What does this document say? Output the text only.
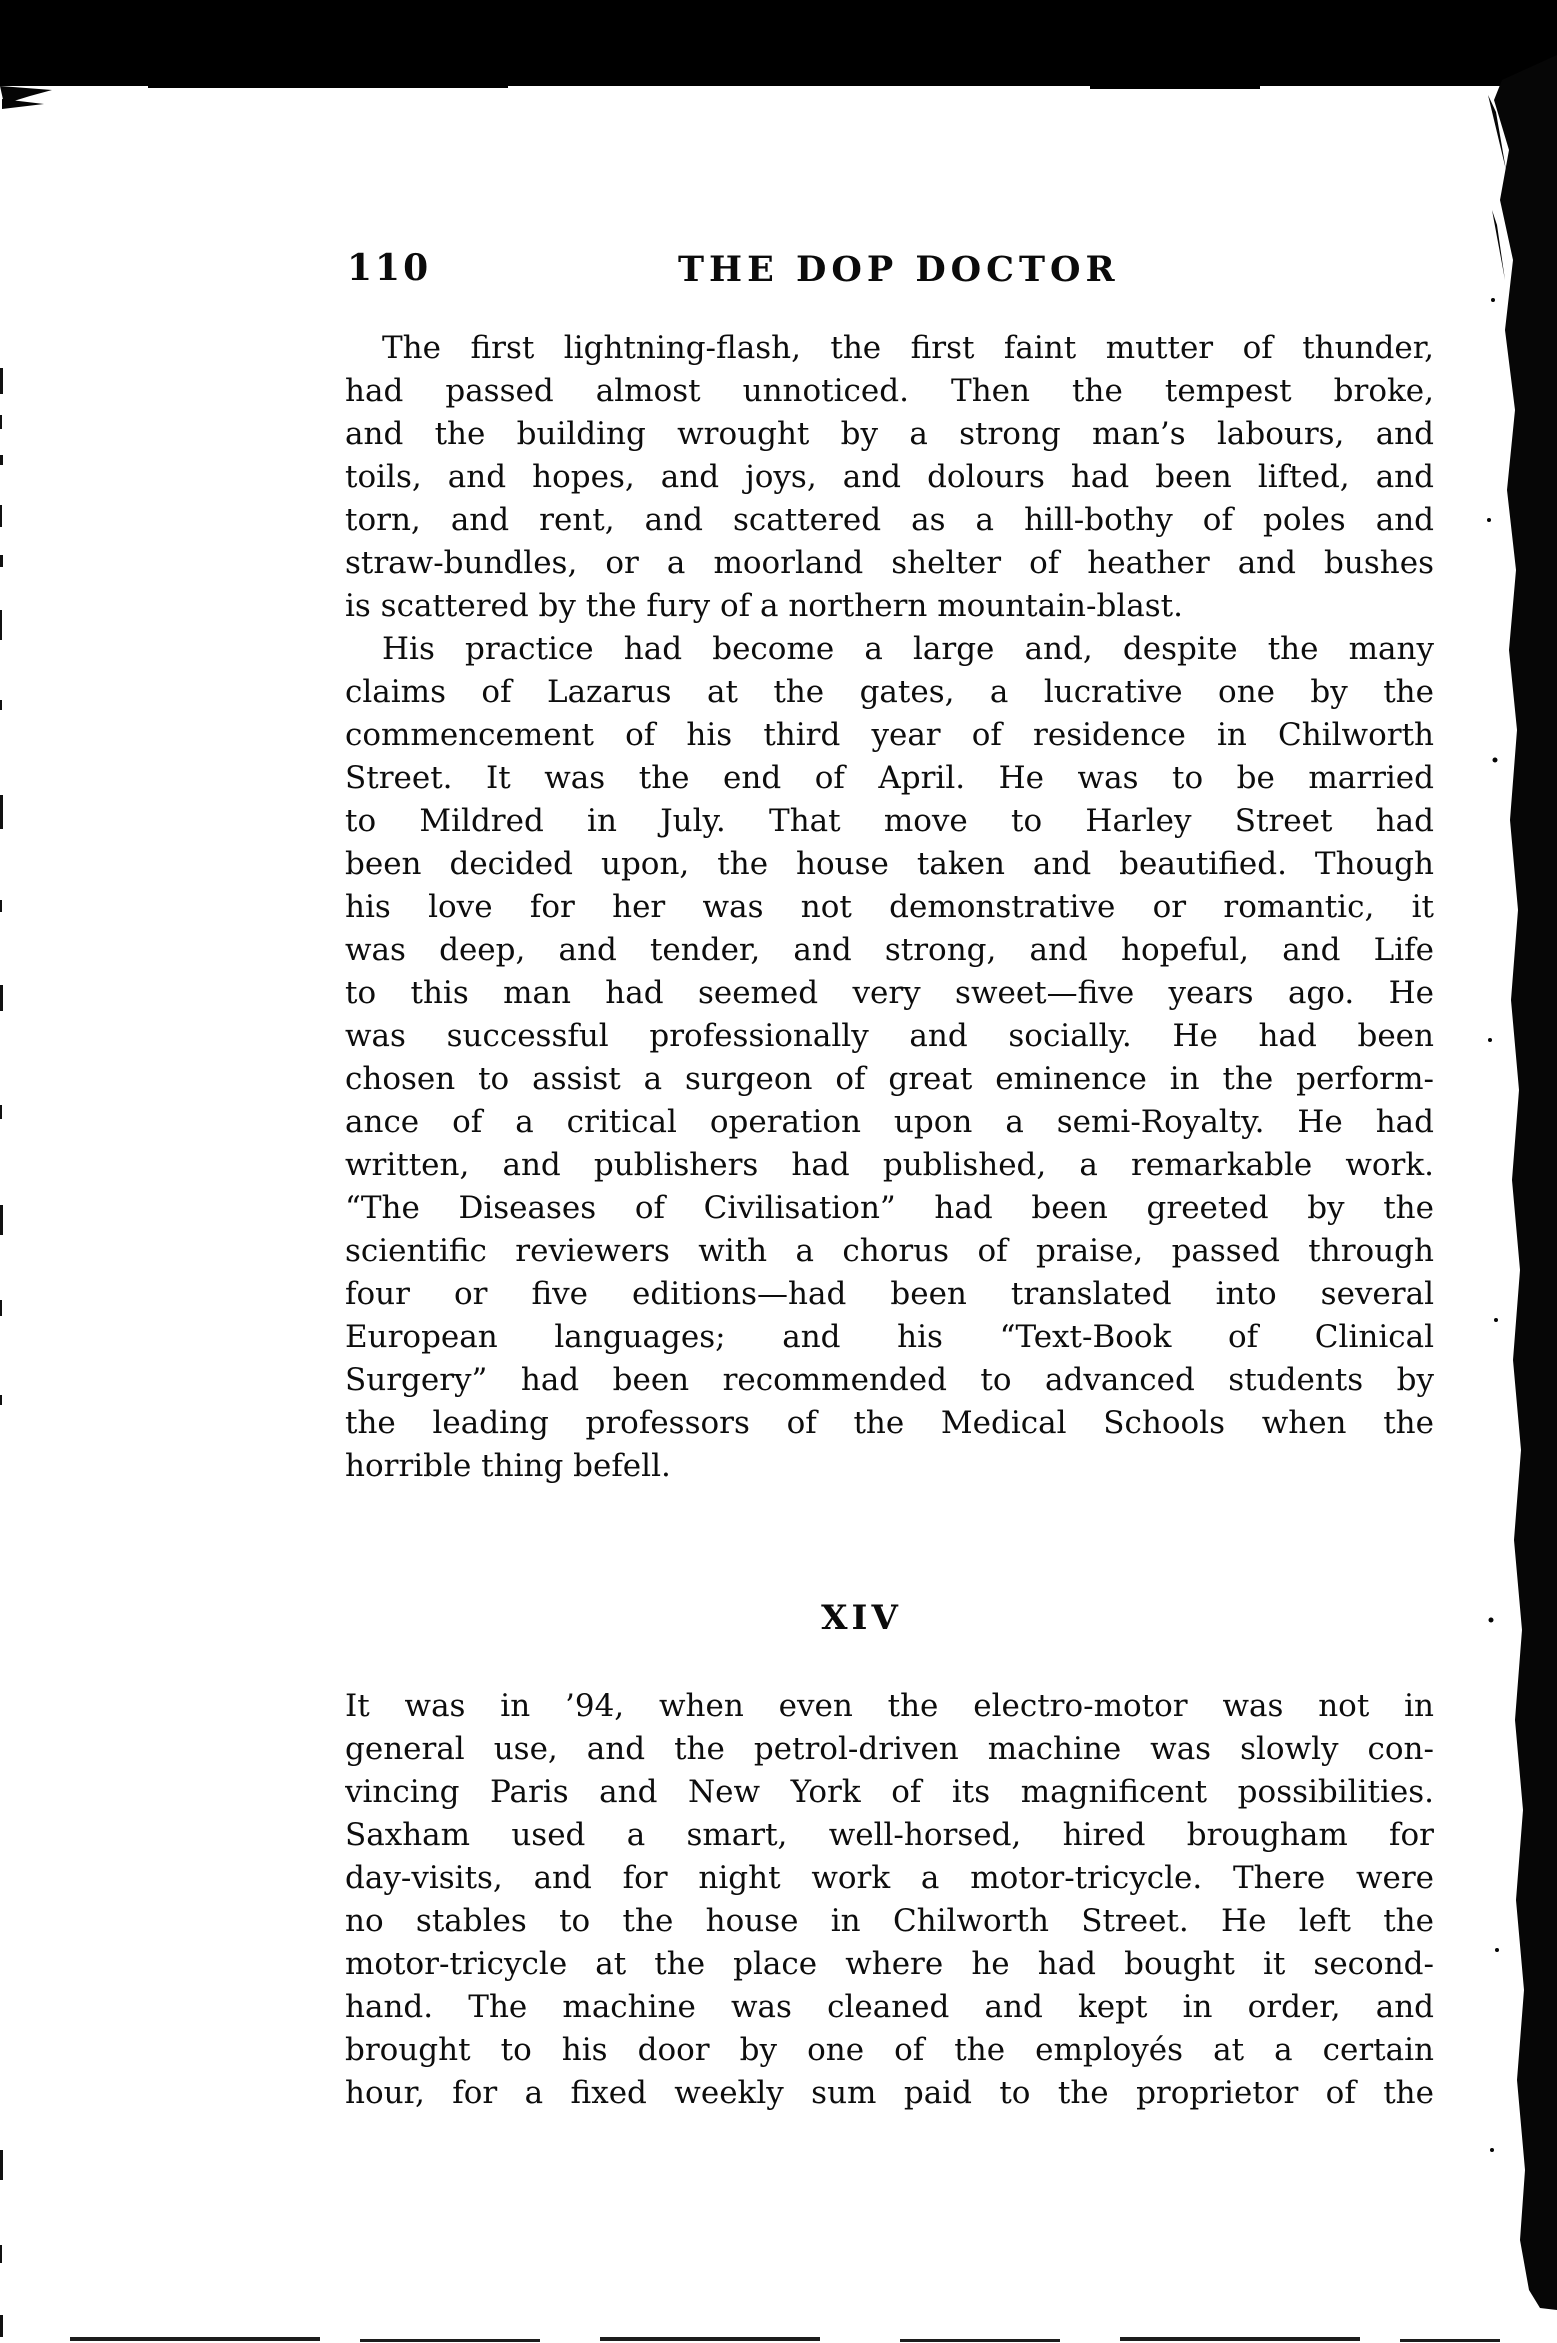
110	THE DOP DOCTOR
The first lightning-flash, the first faint mutter of thunder,
had passed almost unnoticed. Then the tempest broke,
and the building wrought by a strong man’s labours, and
toils, and hopes, and joys, and dolours had been lifted, and
torn, and rent, and scattered as a hill-bothy of poles and
straw-bundles, or a moorland shelter of heather and bushes
is scattered by the fury of a northern mountain-blast.
His practice had become a large and, despite the many
claims of Lazarus at the gates, a lucrative one by the
commencement of his third year of residence in Chilworth
Street. It was the end of April. He was to be married
to Mildred in July. That move to Harley Street had
been decided upon, the house taken and beautified. Though
his love for her was not demonstrative or romantic, it
was deep, and tender, and strong, and hopeful, and Life
to this man had seemed very sweet—five years ago. He
was successful professionally and socially. He had been
chosen to assist a surgeon of great eminence in the perform-
ance of a critical operation upon a semi-Royalty. He had
written, and publishers had published, a remarkable work.
“The Diseases of Civilisation” had been greeted by the
scientific reviewers with a chorus of praise, passed through
four or five editions—had been translated into several
European languages; and his “Text-Book of Clinical
Surgery” had been recommended to advanced students by
the leading professors of the Medical Schools when the
horrible thing befell.
XIV
It was in ’94, when even the electro-motor was not in
general use, and the petrol-driven machine was slowly con-
vincing Paris and New York of its magnificent possibilities.
Saxham used a smart, well-horsed, hired brougham for
day-visits, and for night work a motor-tricycle. There were
no stables to the house in Chilworth Street. He left the
motor-tricycle at the place where he had bought it second-
hand. The machine was cleaned and kept in order, and
brought to his door by one of the employés at a certain
hour, for a fixed weekly sum paid to the proprietor of the
